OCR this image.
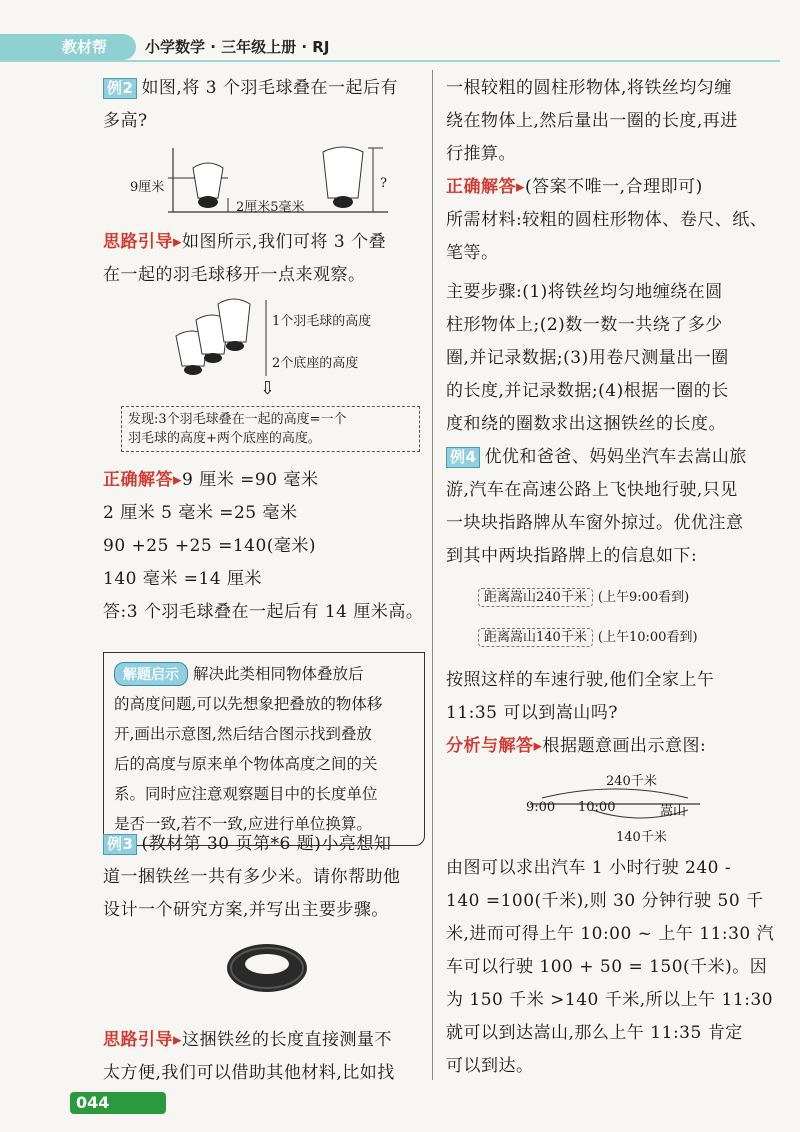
教材帮	小学数学 · 三年级上册 · RJ
例2 如图,将 3 个羽毛球叠在一起后有
多高?
9厘米
2厘米5毫米
?
思路引导▸如图所示,我们可将 3 个叠
在一起的羽毛球移开一点来观察。
1个羽毛球的高度
2个底座的高度
⇩
发现:3个羽毛球叠在一起的高度=一个
羽毛球的高度+两个底座的高度。
正确解答▸9 厘米 =90 毫米
2 厘米 5 毫米 =25 毫米
90 +25 +25 =140(毫米)
140 毫米 =14 厘米
答:3 个羽毛球叠在一起后有 14 厘米高。
解题启示 解决此类相同物体叠放后
的高度问题,可以先想象把叠放的物体移
开,画出示意图,然后结合图示找到叠放
后的高度与原来单个物体高度之间的关
系。同时应注意观察题目中的长度单位
是否一致,若不一致,应进行单位换算。
例3 (教材第 30 页第*6 题)小亮想知
道一捆铁丝一共有多少米。请你帮助他
设计一个研究方案,并写出主要步骤。
思路引导▸这捆铁丝的长度直接测量不
太方便,我们可以借助其他材料,比如找
一根较粗的圆柱形物体,将铁丝均匀缠
绕在物体上,然后量出一圈的长度,再进
行推算。
正确解答▸(答案不唯一,合理即可)
所需材料:较粗的圆柱形物体、卷尺、纸、
笔等。
主要步骤:(1)将铁丝均匀地缠绕在圆
柱形物体上;(2)数一数一共绕了多少
圈,并记录数据;(3)用卷尺测量出一圈
的长度,并记录数据;(4)根据一圈的长
度和绕的圈数求出这捆铁丝的长度。
例4 优优和爸爸、妈妈坐汽车去嵩山旅
游,汽车在高速公路上飞快地行驶,只见
一块块指路牌从车窗外掠过。优优注意
到其中两块指路牌上的信息如下:
距离嵩山240千米 (上午9:00看到)
距离嵩山140千米 (上午10:00看到)
按照这样的车速行驶,他们全家上午
11:35 可以到嵩山吗?
分析与解答▸根据题意画出示意图:
240千米
9:00 10:00	嵩山
140千米
由图可以求出汽车 1 小时行驶 240 -
140 =100(千米),则 30 分钟行驶 50 千
米,进而可得上午 10:00 ~ 上午 11:30 汽
车可以行驶 100 + 50 = 150(千米)。因
为 150 千米 >140 千米,所以上午 11:30
就可以到达嵩山,那么上午 11:35 肯定
可以到达。
044
